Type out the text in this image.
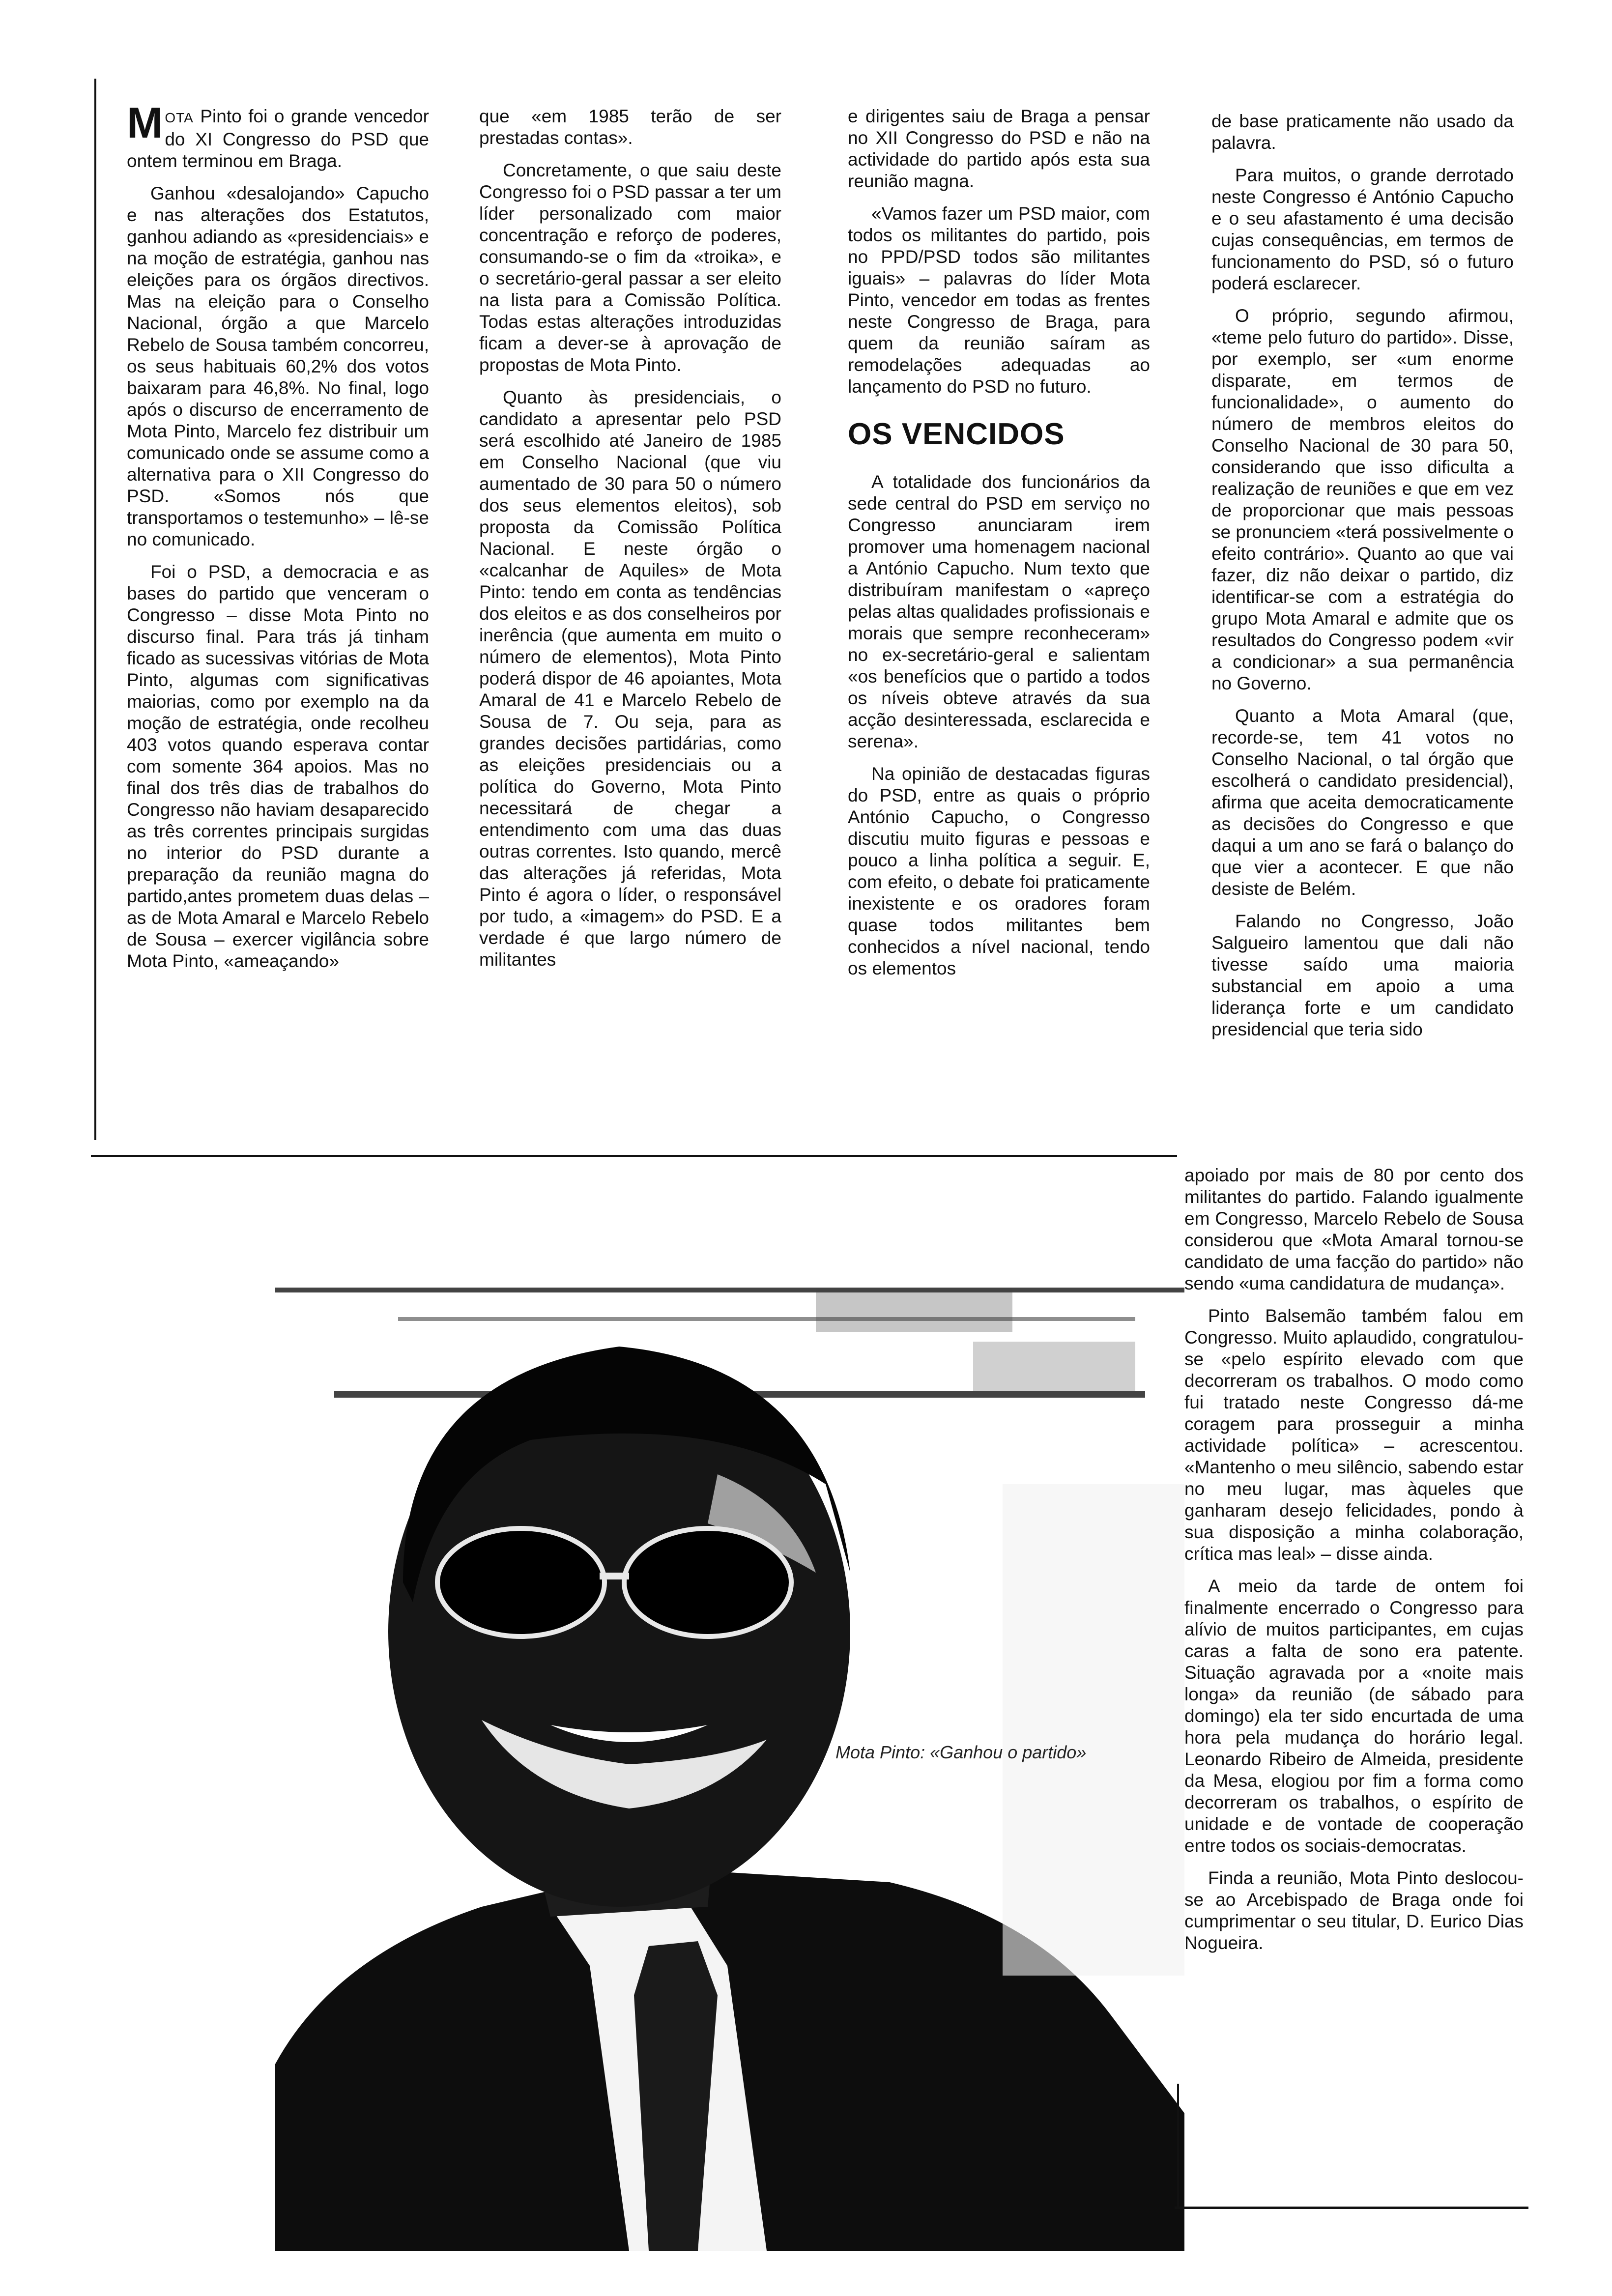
MOTA Pinto foi o grande vencedor do XI Congresso do PSD que ontem terminou em Braga.

Ganhou «desalojando» Capucho e nas alterações dos Estatutos, ganhou adiando as «presidenciais» e na moção de estratégia, ganhou nas eleições para os órgãos directivos. Mas na eleição para o Conselho Nacional, órgão a que Marcelo Rebelo de Sousa também concorreu, os seus habituais 60,2% dos votos baixaram para 46,8%. No final, logo após o discurso de encerramento de Mota Pinto, Marcelo fez distribuir um comunicado onde se assume como a alternativa para o XII Congresso do PSD. «Somos nós que transportamos o testemunho» – lê-se no comunicado.

Foi o PSD, a democracia e as bases do partido que venceram o Congresso – disse Mota Pinto no discurso final. Para trás já tinham ficado as sucessivas vitórias de Mota Pinto, algumas com significativas maiorias, como por exemplo na da moção de estratégia, onde recolheu 403 votos quando esperava contar com somente 364 apoios. Mas no final dos três dias de trabalhos do Congresso não haviam desaparecido as três correntes principais surgidas no interior do PSD durante a preparação da reunião magna do partido,antes prometem duas delas – as de Mota Amaral e Marcelo Rebelo de Sousa – exercer vigilância sobre Mota Pinto, «ameaçando»

que «em 1985 terão de ser prestadas contas».

Concretamente, o que saiu deste Congresso foi o PSD passar a ter um líder personalizado com maior concentração e reforço de poderes, consumando-se o fim da «troika», e o secretário-geral passar a ser eleito na lista para a Comissão Política. Todas estas alterações introduzidas ficam a dever-se à aprovação de propostas de Mota Pinto.

Quanto às presidenciais, o candidato a apresentar pelo PSD será escolhido até Janeiro de 1985 em Conselho Nacional (que viu aumentado de 30 para 50 o número dos seus elementos eleitos), sob proposta da Comissão Política Nacional. E neste órgão o «calcanhar de Aquiles» de Mota Pinto: tendo em conta as tendências dos eleitos e as dos conselheiros por inerência (que aumenta em muito o número de elementos), Mota Pinto poderá dispor de 46 apoiantes, Mota Amaral de 41 e Marcelo Rebelo de Sousa de 7. Ou seja, para as grandes decisões partidárias, como as eleições presidenciais ou a política do Governo, Mota Pinto necessitará de chegar a entendimento com uma das duas outras correntes. Isto quando, mercê das alterações já referidas, Mota Pinto é agora o líder, o responsável por tudo, a «imagem» do PSD. E a verdade é que largo número de militantes

e dirigentes saiu de Braga a pensar no XII Congresso do PSD e não na actividade do partido após esta sua reunião magna.

«Vamos fazer um PSD maior, com todos os militantes do partido, pois no PPD/PSD todos são militantes iguais» – palavras do líder Mota Pinto, vencedor em todas as frentes neste Congresso de Braga, para quem da reunião saíram as remodelações adequadas ao lançamento do PSD no futuro.

OS VENCIDOS

A totalidade dos funcionários da sede central do PSD em serviço no Congresso anunciaram irem promover uma homenagem nacional a António Capucho. Num texto que distribuíram manifestam o «apreço pelas altas qualidades profissionais e morais que sempre reconheceram» no ex-secretário-geral e salientam «os benefícios que o partido a todos os níveis obteve através da sua acção desinteressada, esclarecida e serena».

Na opinião de destacadas figuras do PSD, entre as quais o próprio António Capucho, o Congresso discutiu muito figuras e pessoas e pouco a linha política a seguir. E, com efeito, o debate foi praticamente inexistente e os oradores foram quase todos militantes bem conhecidos a nível nacional, tendo os elementos

de base praticamente não usado da palavra.

Para muitos, o grande derrotado neste Congresso é António Capucho e o seu afastamento é uma decisão cujas consequências, em termos de funcionamento do PSD, só o futuro poderá esclarecer.

O próprio, segundo afirmou, «teme pelo futuro do partido». Disse, por exemplo, ser «um enorme disparate, em termos de funcionalidade», o aumento do número de membros eleitos do Conselho Nacional de 30 para 50, considerando que isso dificulta a realização de reuniões e que em vez de proporcionar que mais pessoas se pronunciem «terá possivelmente o efeito contrário». Quanto ao que vai fazer, diz não deixar o partido, diz identificar-se com a estratégia do grupo Mota Amaral e admite que os resultados do Congresso podem «vir a condicionar» a sua permanência no Governo.

Quanto a Mota Amaral (que, recorde-se, tem 41 votos no Conselho Nacional, o tal órgão que escolherá o candidato presidencial), afirma que aceita democraticamente as decisões do Congresso e que daqui a um ano se fará o balanço do que vier a acontecer. E que não desiste de Belém.

Falando no Congresso, João Salgueiro lamentou que dali não tivesse saído uma maioria substancial em apoio a uma liderança forte e um candidato presidencial que teria sido

Mota Pinto: «Ganhou o partido»

apoiado por mais de 80 por cento dos militantes do partido. Falando igualmente em Congresso, Marcelo Rebelo de Sousa considerou que «Mota Amaral tornou-se candidato de uma facção do partido» não sendo «uma candidatura de mudança».

Pinto Balsemão também falou em Congresso. Muito aplaudido, congratulou-se «pelo espírito elevado com que decorreram os trabalhos. O modo como fui tratado neste Congresso dá-me coragem para prosseguir a minha actividade política» – acrescentou. «Mantenho o meu silêncio, sabendo estar no meu lugar, mas àqueles que ganharam desejo felicidades, pondo à sua disposição a minha colaboração, crítica mas leal» – disse ainda.

A meio da tarde de ontem foi finalmente encerrado o Congresso para alívio de muitos participantes, em cujas caras a falta de sono era patente. Situação agravada por a «noite mais longa» da reunião (de sábado para domingo) ela ter sido encurtada de uma hora pela mudança do horário legal. Leonardo Ribeiro de Almeida, presidente da Mesa, elogiou por fim a forma como decorreram os trabalhos, o espírito de unidade e de vontade de cooperação entre todos os sociais-democratas.

Finda a reunião, Mota Pinto deslocou-se ao Arcebispado de Braga onde foi cumprimentar o seu titular, D. Eurico Dias Nogueira.
